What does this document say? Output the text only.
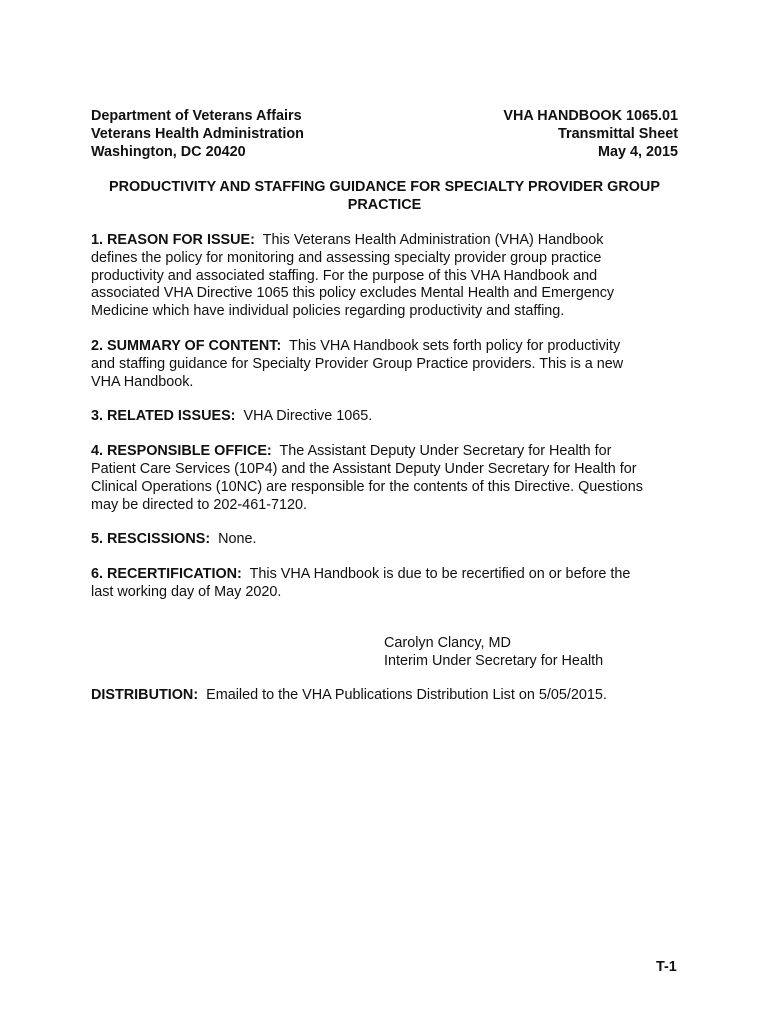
Department of Veterans Affairs
Veterans Health Administration
Washington, DC 20420
VHA HANDBOOK 1065.01
Transmittal Sheet
May 4, 2015
PRODUCTIVITY AND STAFFING GUIDANCE FOR SPECIALTY PROVIDER GROUP
PRACTICE
1. REASON FOR ISSUE: This Veterans Health Administration (VHA) Handbook
defines the policy for monitoring and assessing specialty provider group practice
productivity and associated staffing. For the purpose of this VHA Handbook and
associated VHA Directive 1065 this policy excludes Mental Health and Emergency
Medicine which have individual policies regarding productivity and staffing.
2. SUMMARY OF CONTENT: This VHA Handbook sets forth policy for productivity
and staffing guidance for Specialty Provider Group Practice providers. This is a new
VHA Handbook.
3. RELATED ISSUES: VHA Directive 1065.
4. RESPONSIBLE OFFICE: The Assistant Deputy Under Secretary for Health for
Patient Care Services (10P4) and the Assistant Deputy Under Secretary for Health for
Clinical Operations (10NC) are responsible for the contents of this Directive. Questions
may be directed to 202-461-7120.
5. RESCISSIONS: None.
6. RECERTIFICATION: This VHA Handbook is due to be recertified on or before the
last working day of May 2020.
Carolyn Clancy, MD
Interim Under Secretary for Health
DISTRIBUTION: Emailed to the VHA Publications Distribution List on 5/05/2015.
T-1
